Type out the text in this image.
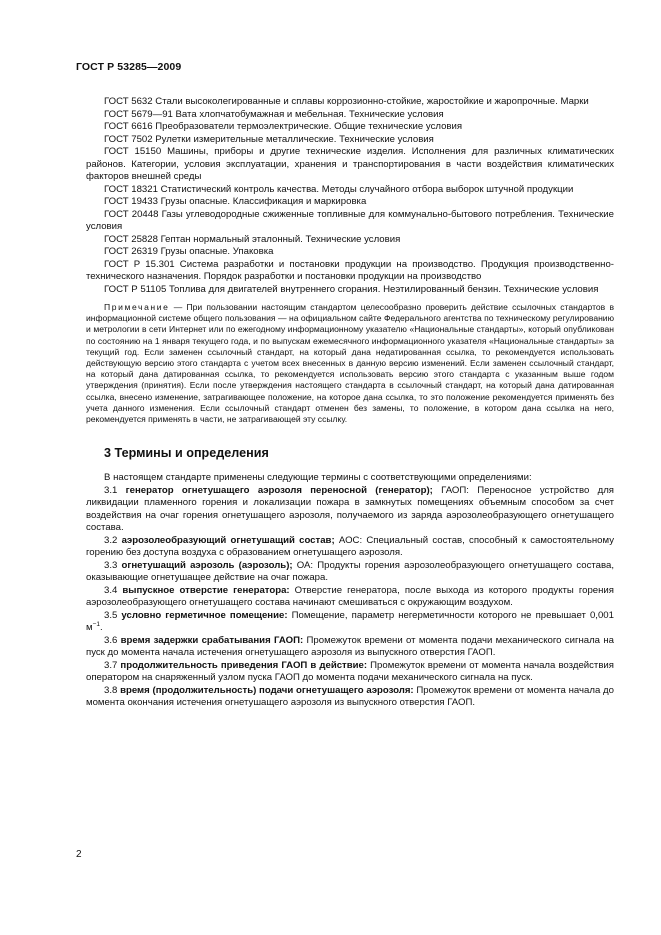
ГОСТ Р 53285—2009

ГОСТ 5632 Стали высоколегированные и сплавы коррозионно-стойкие, жаростойкие и жаропрочные. Марки

ГОСТ 5679—91 Вата хлопчатобумажная и мебельная. Технические условия

ГОСТ 6616 Преобразователи термоэлектрические. Общие технические условия

ГОСТ 7502 Рулетки измерительные металлические. Технические условия

ГОСТ 15150 Машины, приборы и другие технические изделия. Исполнения для различных климатических районов. Категории, условия эксплуатации, хранения и транспортирования в части воздействия климатических факторов внешней среды

ГОСТ 18321 Статистический контроль качества. Методы случайного отбора выборок штучной продукции

ГОСТ 19433 Грузы опасные. Классификация и маркировка

ГОСТ 20448 Газы углеводородные сжиженные топливные для коммунально-бытового потребления. Технические условия

ГОСТ 25828 Гептан нормальный эталонный. Технические условия

ГОСТ 26319 Грузы опасные. Упаковка

ГОСТ Р 15.301 Система разработки и постановки продукции на производство. Продукция производственно-технического назначения. Порядок разработки и постановки продукции на производство

ГОСТ Р 51105 Топлива для двигателей внутреннего сгорания. Неэтилированный бензин. Технические условия

Примечание — При пользовании настоящим стандартом целесообразно проверить действие ссылочных стандартов в информационной системе общего пользования — на официальном сайте Федерального агентства по техническому регулированию и метрологии в сети Интернет или по ежегодному информационному указателю «Национальные стандарты», который опубликован по состоянию на 1 января текущего года, и по выпускам ежемесячного информационного указателя «Национальные стандарты» за текущий год. Если заменен ссылочный стандарт, на который дана недатированная ссылка, то рекомендуется использовать действующую версию этого стандарта с учетом всех внесенных в данную версию изменений. Если заменен ссылочный стандарт, на который дана датированная ссылка, то рекомендуется использовать версию этого стандарта с указанным выше годом утверждения (принятия). Если после утверждения настоящего стандарта в ссылочный стандарт, на который дана датированная ссылка, внесено изменение, затрагивающее положение, на которое дана ссылка, то это положение рекомендуется применять без учета данного изменения. Если ссылочный стандарт отменен без замены, то положение, в котором дана ссылка на него, рекомендуется применять в части, не затрагивающей эту ссылку.

3 Термины и определения

В настоящем стандарте применены следующие термины с соответствующими определениями:

3.1 генератор огнетушащего аэрозоля переносной (генератор); ГАОП: Переносное устройство для ликвидации пламенного горения и локализации пожара в замкнутых помещениях объемным способом за счет воздействия на очаг горения огнетушащего аэрозоля, получаемого из заряда аэрозолеобразующего огнетушащего состава.

3.2 аэрозолеобразующий огнетушащий состав; АОС: Специальный состав, способный к самостоятельному горению без доступа воздуха с образованием огнетушащего аэрозоля.

3.3 огнетушащий аэрозоль (аэрозоль); ОА: Продукты горения аэрозолеобразующего огнетушащего состава, оказывающие огнетушащее действие на очаг пожара.

3.4 выпускное отверстие генератора: Отверстие генератора, после выхода из которого продукты горения аэрозолеобразующего огнетушащего состава начинают смешиваться с окружающим воздухом.

3.5 условно герметичное помещение: Помещение, параметр негерметичности которого не превышает 0,001 $м^{-1}$.

3.6 время задержки срабатывания ГАОП: Промежуток времени от момента подачи механического сигнала на пуск до момента начала истечения огнетушащего аэрозоля из выпускного отверстия ГАОП.

3.7 продолжительность приведения ГАОП в действие: Промежуток времени от момента начала воздействия оператором на снаряженный узлом пуска ГАОП до момента подачи механического сигнала на пуск.

3.8 время (продолжительность) подачи огнетушащего аэрозоля: Промежуток времени от момента начала до момента окончания истечения огнетушащего аэрозоля из выпускного отверстия ГАОП.

2
